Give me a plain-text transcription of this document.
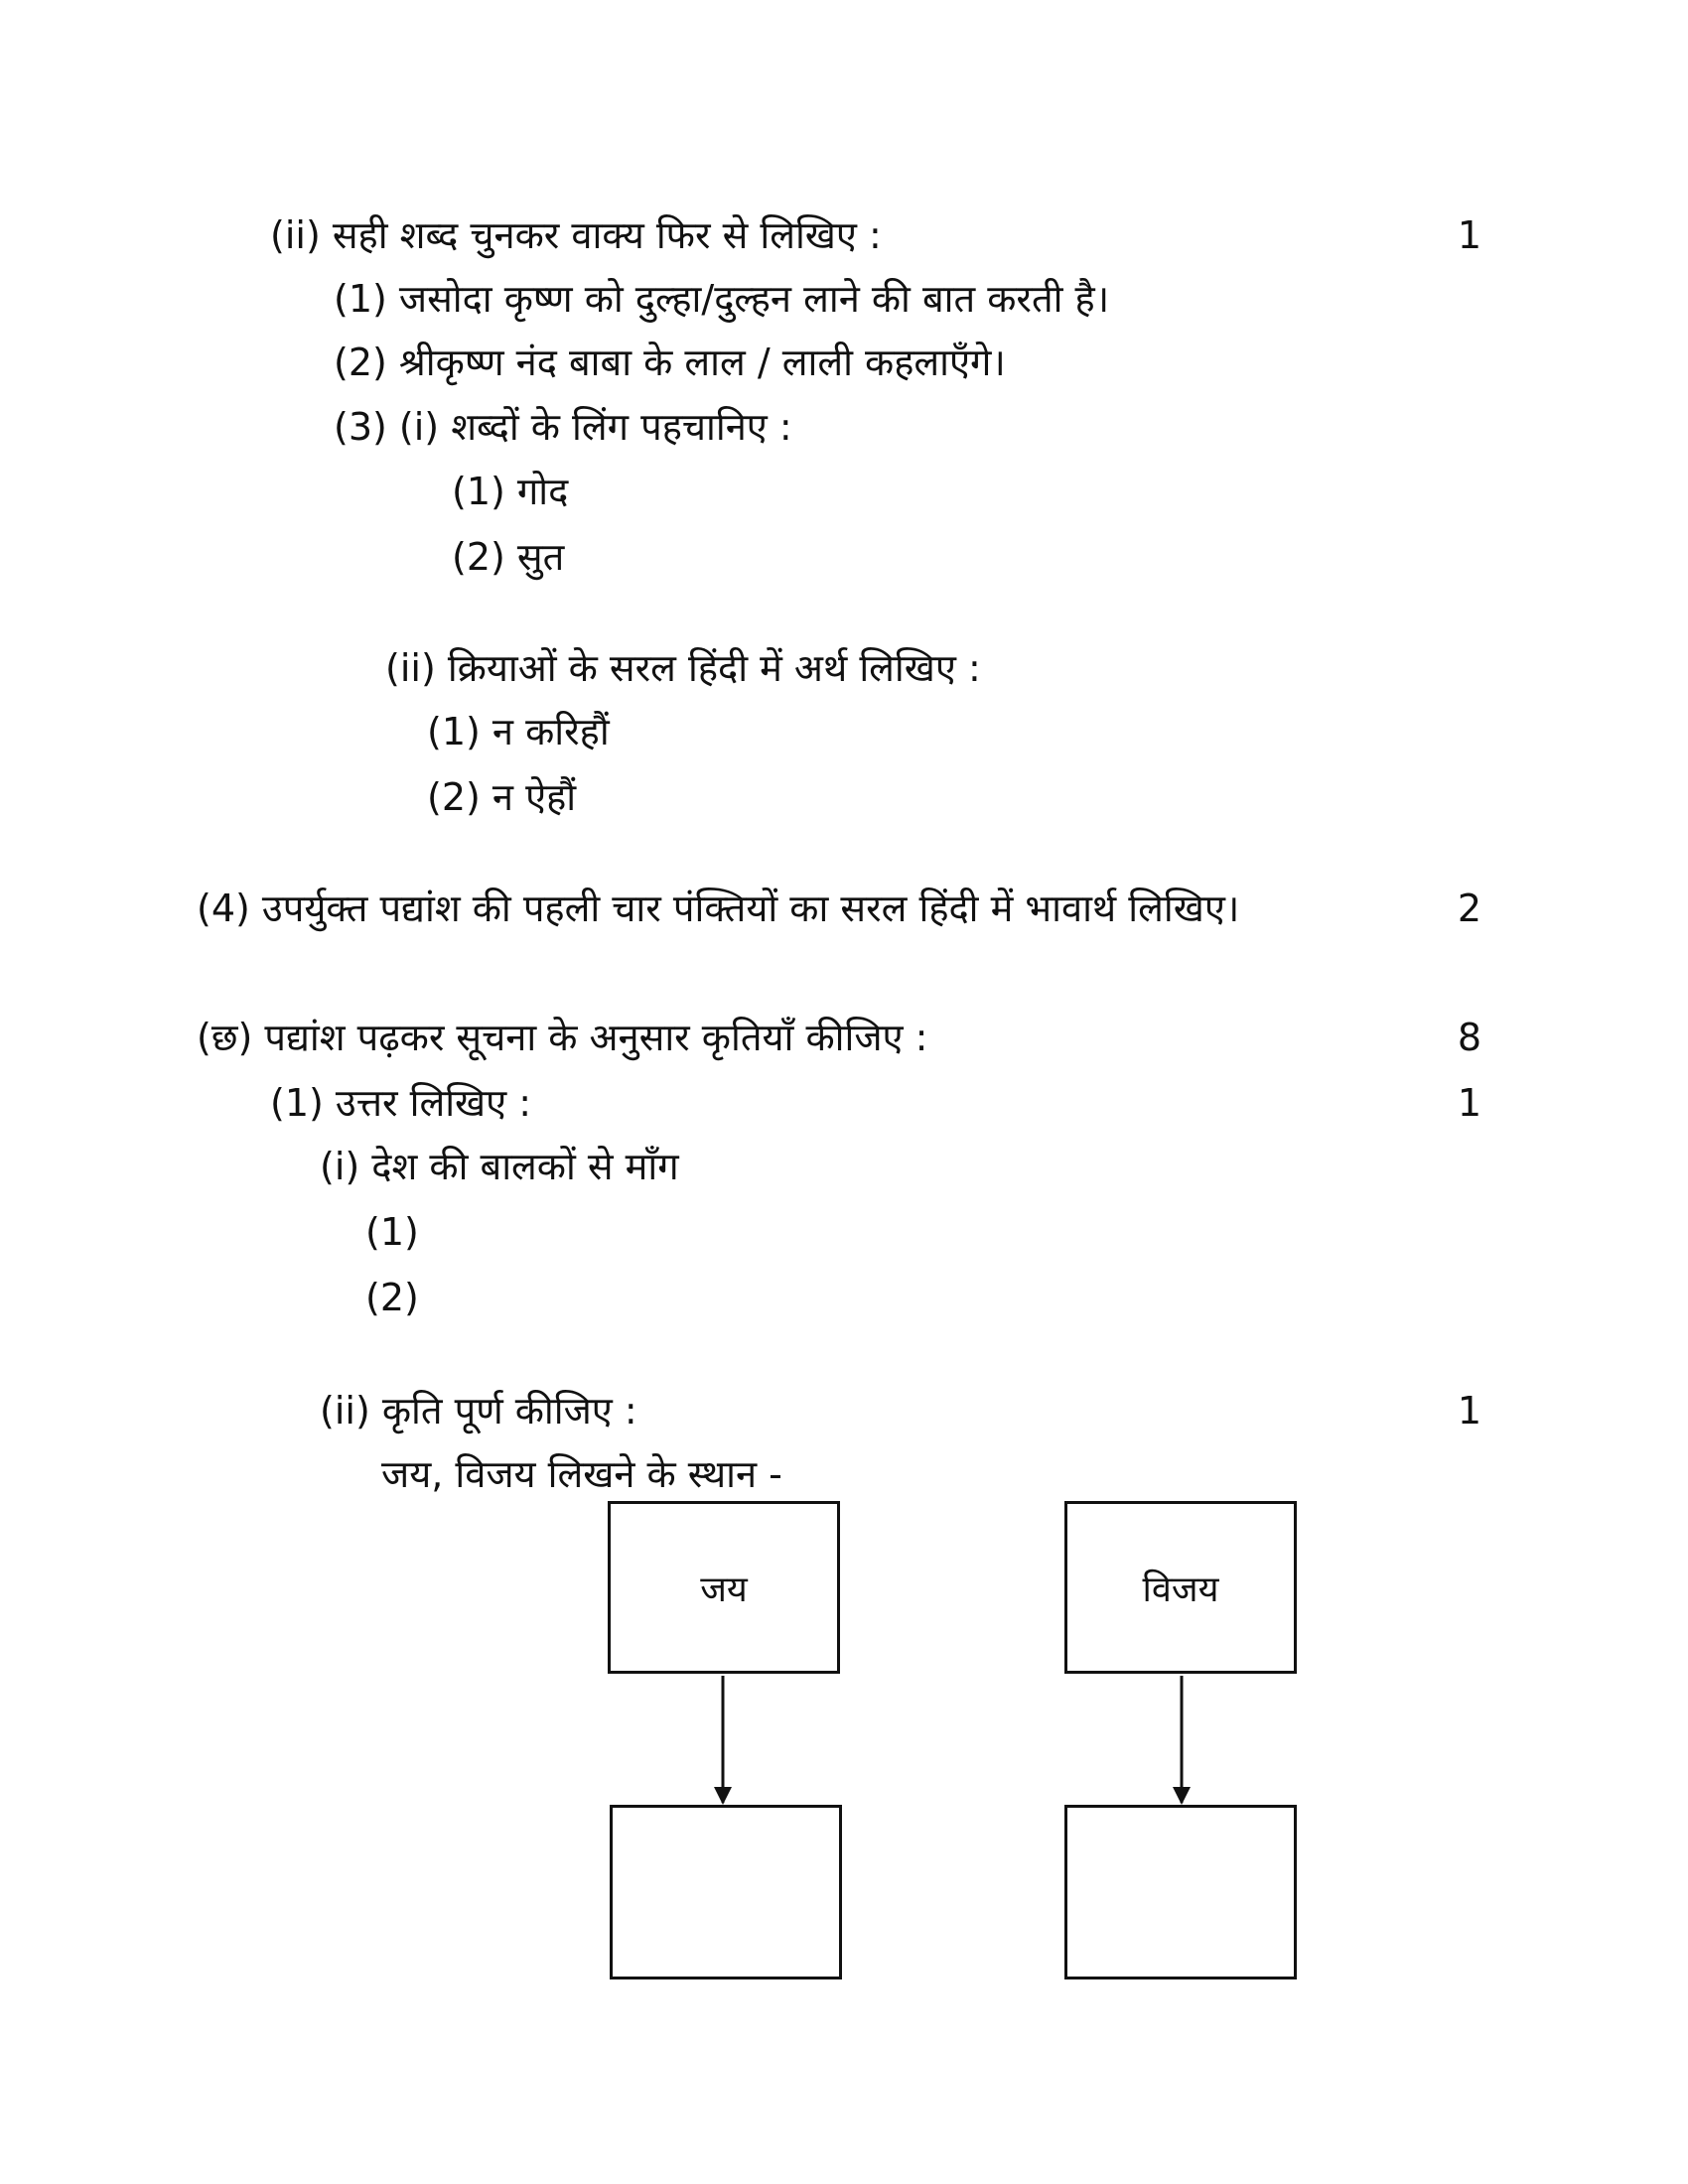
(ii) सही शब्द चुनकर वाक्य फिर से लिखिए :	1
(1) जसोदा कृष्ण को दुल्हा/दुल्हन लाने की बात करती है।
(2) श्रीकृष्ण नंद बाबा के लाल / लाली कहलाएँगे।
(3) (i) शब्दों के लिंग पहचानिए :
(1) गोद
(2) सुत
(ii) क्रियाओं के सरल हिंदी में अर्थ लिखिए :
(1) न करिहौं
(2) न ऐहौं
(4) उपर्युक्त पद्यांश की पहली चार पंक्तियों का सरल हिंदी में भावार्थ लिखिए।	2
(छ) पद्यांश पढ़कर सूचना के अनुसार कृतियाँ कीजिए :	8
(1) उत्तर लिखिए :	1
(i) देश की बालकों से माँग
(1)
(2)
(ii) कृति पूर्ण कीजिए :	1
जय, विजय लिखने के स्थान -
जय	विजय
